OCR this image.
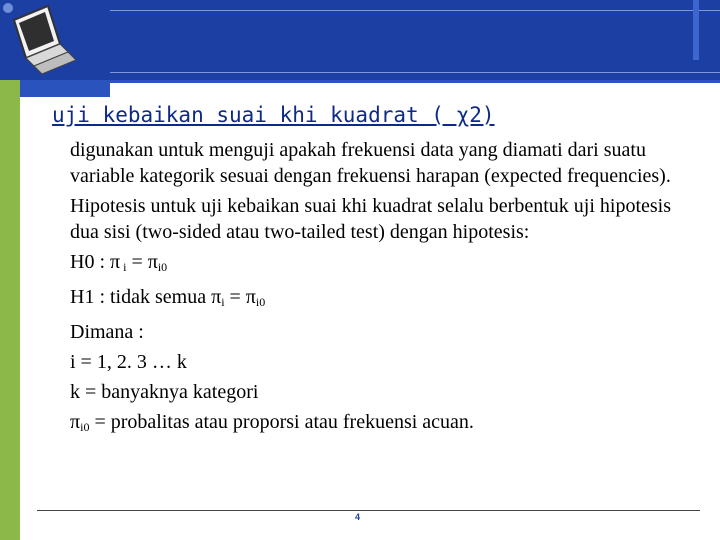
uji kebaikan suai khi kuadrat ( χ2)

digunakan untuk menguji apakah frekuensi data yang diamati dari suatu variable kategorik sesuai dengan frekuensi harapan (expected frequencies).

Hipotesis untuk uji kebaikan suai khi kuadrat selalu berbentuk uji hipotesis dua sisi (two-sided atau two-tailed test) dengan hipotesis:

H0 : π $_i = \pi_{i0}$

H1 : tidak semua $\pi_i = \pi_{i0}$

Dimana :

i = 1, 2. 3 … k

k = banyaknya kategori

$\pi_{i0}$ = probalitas atau proporsi atau frekuensi acuan.

4
